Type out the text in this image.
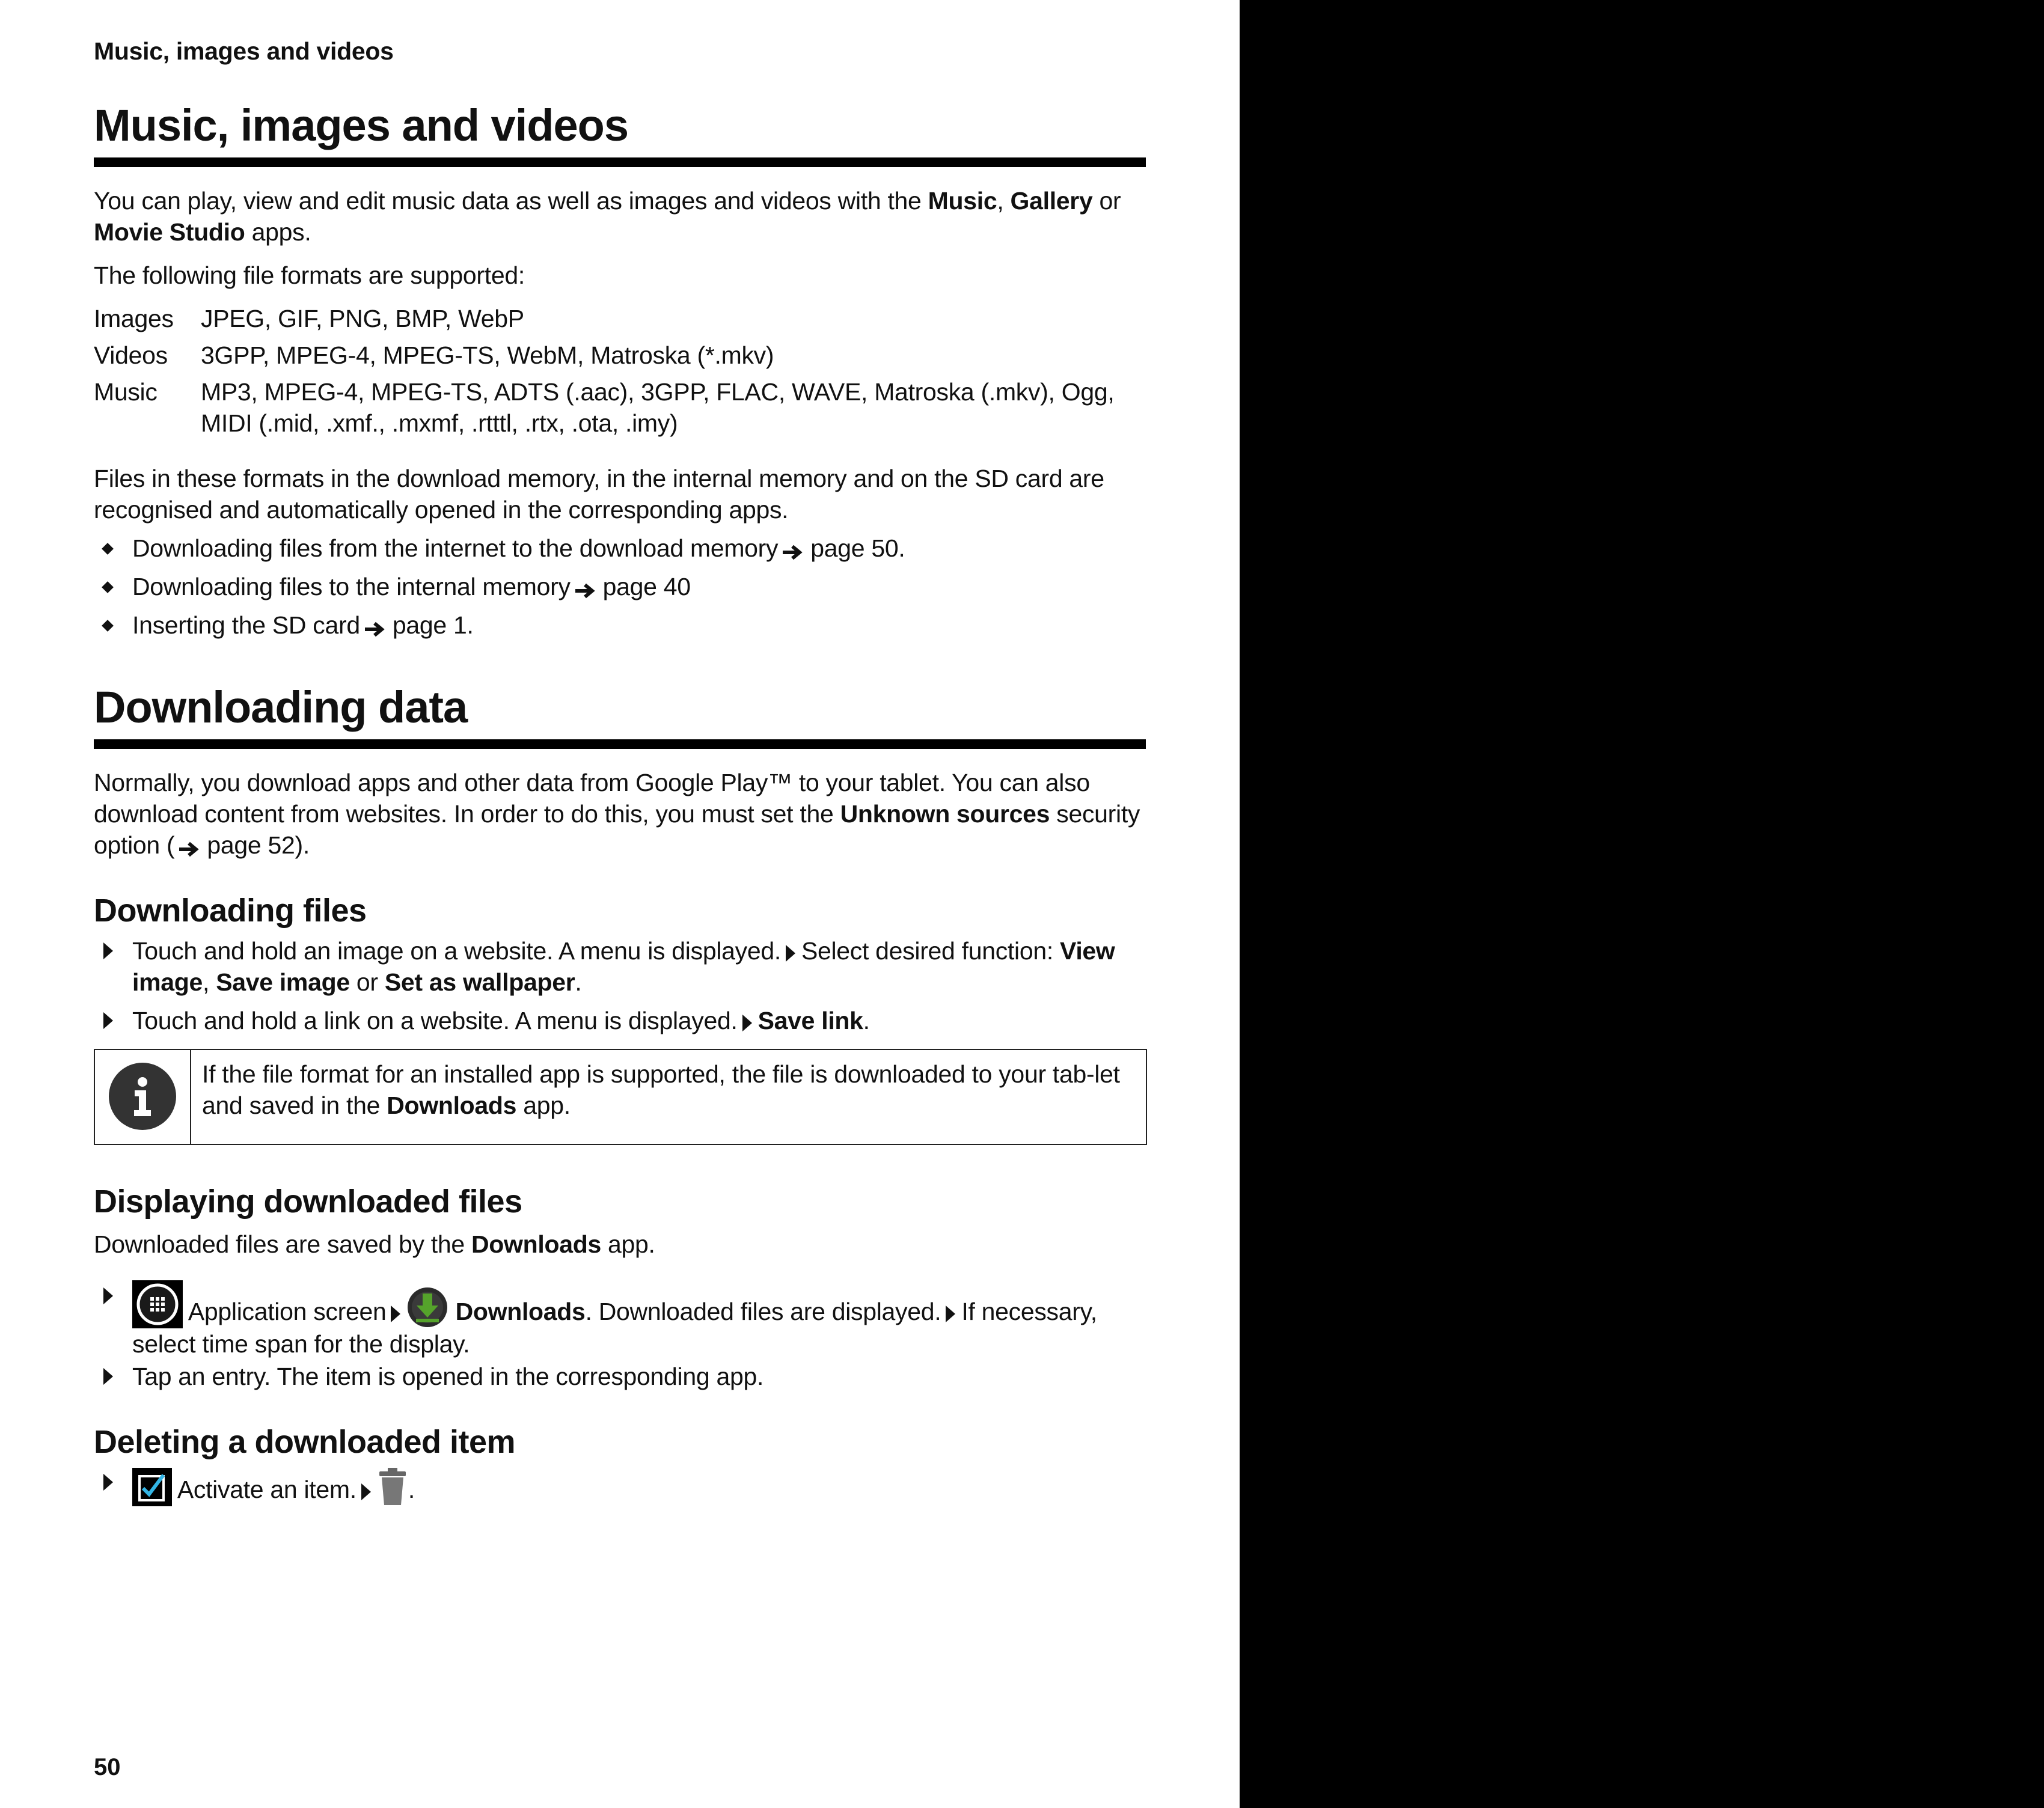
Music, images and videos
Music, images and videos
You can play, view and edit music data as well as images and videos with the Music, Gallery or Movie Studio apps.
The following file formats are supported:
Images JPEG, GIF, PNG, BMP, WebP
Videos 3GPP, MPEG-4, MPEG-TS, WebM, Matroska (*.mkv)
Music MP3, MPEG-4, MPEG-TS, ADTS (.aac), 3GPP, FLAC, WAVE, Matroska (.mkv), Ogg, MIDI (.mid, .xmf., .mxmf, .rtttl, .rtx, .ota, .imy)
Files in these formats in the download memory, in the internal memory and on the SD card are recognised and automatically opened in the corresponding apps.
Downloading files from the internet to the download memory page 50.
Downloading files to the internal memory page 40
Inserting the SD card page 1.
Downloading data
Normally, you download apps and other data from Google Play™ to your tablet. You can also download content from websites. In order to do this, you must set the Unknown sources security option ( page 52).
Downloading files
Touch and hold an image on a website. A menu is displayed. Select desired function: View image, Save image or Set as wallpaper.
Touch and hold a link on a website. A menu is displayed. Save link.
If the file format for an installed app is supported, the file is downloaded to your tab-let and saved in the Downloads app.
Displaying downloaded files
Downloaded files are saved by the Downloads app.
Application screen	Downloads. Downloaded files are displayed. If necessary, select time span for the display.
Tap an entry. The item is opened in the corresponding app.
Deleting a downloaded item
Activate an item. .
50
